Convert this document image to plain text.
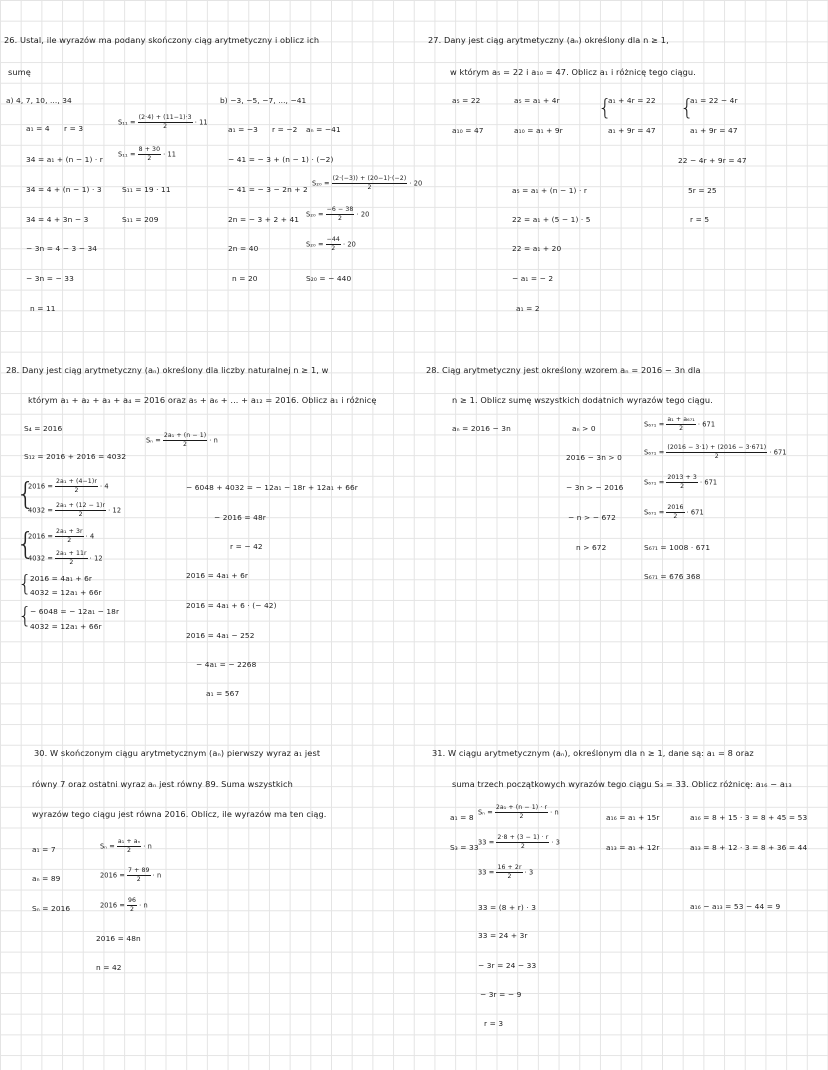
26. Ustal, ile wyrazów ma podany skończony ciąg arytmetyczny i oblicz ich
sumę
a) 4, 7, 10, ..., 34
a₁ = 4 r = 3
34 = a₁ + (n − 1) · r
34 = 4 + (n − 1) · 3
34 = 4 + 3n − 3
− 3n = 4 − 3 − 34
− 3n = − 33
n = 11
$S_{11} = \frac{(2\cdot 4) + (11-1)\cdot 3}{2} \cdot 11$
$S_{11} = \frac{8 + 30}{2} \cdot 11$
S₁₁ = 19 · 11
S₁₁ = 209
b) −3, −5, −7, ..., −41
a₁ = −3 r = −2 aₙ = −41
− 41 = − 3 + (n − 1) · (−2)
− 41 = − 3 − 2n + 2
2n = − 3 + 2 + 41
2n = 40
n = 20
$S_{20} = \frac{(2\cdot(-3)) + (20-1)\cdot(-2)}{2} \cdot 20$
$S_{20} = \frac{-6 - 38}{2} \cdot 20$
$S_{20} = \frac{-44}{2} \cdot 20$
S₂₀ = − 440
27. Dany jest ciąg arytmetyczny (aₙ) określony dla n ≥ 1,
w którym a₅ = 22 i a₁₀ = 47. Oblicz a₁ i różnicę tego ciągu.
a₅ = 22
a₁₀ = 47
a₅ = a₁ + 4r
a₁₀ = a₁ + 9r
{
a₁ + 4r = 22
a₁ + 9r = 47
{
a₁ = 22 − 4r
a₁ + 9r = 47
22 − 4r + 9r = 47
5r = 25
r = 5
a₅ = a₁ + (n − 1) · r
22 = a₁ + (5 − 1) · 5
22 = a₁ + 20
− a₁ = − 2
a₁ = 2
28. Dany jest ciąg arytmetyczny (aₙ) określony dla liczby naturalnej n ≥ 1, w
którym a₁ + a₂ + a₃ + a₄ = 2016 oraz a₅ + a₆ + ... + a₁₂ = 2016. Oblicz a₁ i różnicę
S₄ = 2016
S₁₂ = 2016 + 2016 = 4032
$S_n = \frac{\text{2a₁ + (n − 1)}}{2} \cdot n$
{
$2016 = \frac{\text{2a₁ + (4−1)r}}{2} \cdot 4$
$4032 = \frac{\text{2a₁ + (12 − 1)r}}{2} \cdot 12$
{
$2016 = \frac{\text{2a₁ + 3r}}{2} \cdot 4$
$4032 = \frac{\text{2a₁ + 11r}}{2} \cdot 12$
{
2016 = 4a₁ + 6r
4032 = 12a₁ + 66r
{
− 6048 = − 12a₁ − 18r
4032 = 12a₁ + 66r
− 6048 + 4032 = − 12a₁ − 18r + 12a₁ + 66r
− 2016 = 48r
r = − 42
2016 = 4a₁ + 6r
2016 = 4a₁ + 6 · (− 42)
2016 = 4a₁ − 252
− 4a₁ = − 2268
a₁ = 567
28. Ciąg arytmetyczny jest określony wzorem aₙ = 2016 − 3n dla
n ≥ 1. Oblicz sumę wszystkich dodatnich wyrazów tego ciągu.
aₙ = 2016 − 3n	aₙ > 0
2016 − 3n > 0
− 3n > − 2016
− n > − 672
n > 672
$S_{671} = \frac{\text{a₁ + a₆₇₁}}{2} \cdot 671$
$S_{671} = \frac{(2016 - 3\cdot 1) + (2016 - 3\cdot 671)}{2} \cdot 671$
$S_{671} = \frac{2013 + 3}{2} \cdot 671$
$S_{671} = \frac{2016}{2} \cdot 671$
S₆₇₁ = 1008 · 671
S₆₇₁ = 676 368
30. W skończonym ciągu arytmetycznym (aₙ) pierwszy wyraz a₁ jest
równy 7 oraz ostatni wyraz aₙ jest równy 89. Suma wszystkich
wyrazów tego ciągu jest równa 2016. Oblicz, ile wyrazów ma ten ciąg.
a₁ = 7
aₙ = 89
Sₙ = 2016
$S_n = \frac{\text{a₁ + aₙ}}{2} \cdot n$
$2016 = \frac{7 + 89}{2} \cdot n$
$2016 = \frac{96}{2} \cdot n$
2016 = 48n
n = 42
31. W ciągu arytmetycznym (aₙ), określonym dla n ≥ 1, dane są: a₁ = 8 oraz
suma trzech początkowych wyrazów tego ciągu S₃ = 33. Oblicz różnicę: a₁₆ − a₁₃
a₁ = 8
S₃ = 33
$S_n = \frac{\text{2a₁ + (n − 1) · r}}{2} \cdot n$
$33 = \frac{2\cdot 8 + (3 - 1) \cdot r}{2} \cdot 3$
$33 = \frac{16 + 2r}{2} \cdot 3$
33 = (8 + r) · 3
33 = 24 + 3r
− 3r = 24 − 33
− 3r = − 9
r = 3
a₁₆ = a₁ + 15r	a₁₆ = 8 + 15 · 3 = 8 + 45 = 53
a₁₃ = a₁ + 12r	a₁₃ = 8 + 12 · 3 = 8 + 36 = 44
a₁₆ − a₁₃ = 53 − 44 = 9
